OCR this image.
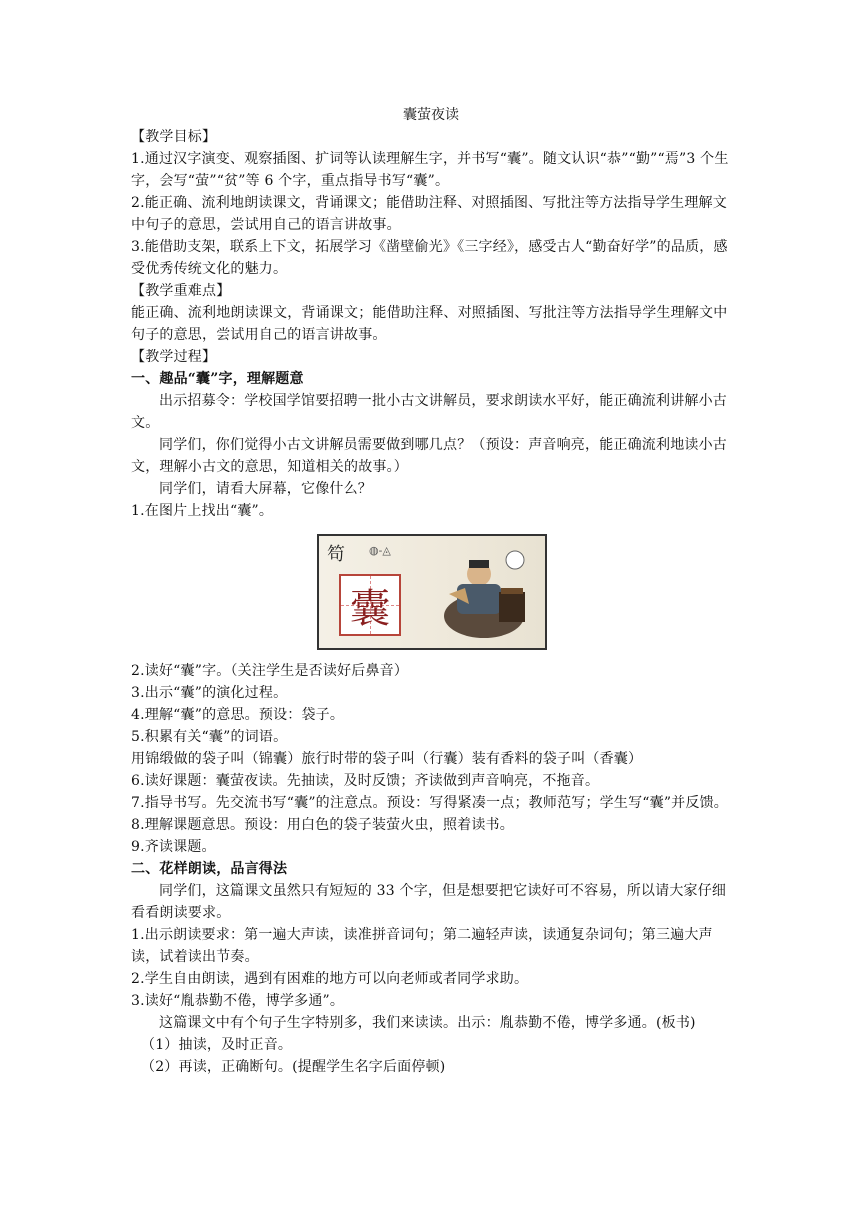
囊萤夜读
【教学目标】
1.通过汉字演变、观察插图、扩词等认读理解生字，并书写“囊”。随文认识“恭”“勤”“焉”3 个生字，会写“萤”“贫”等 6 个字，重点指导书写“囊”。
2.能正确、流利地朗读课文，背诵课文；能借助注释、对照插图、写批注等方法指导学生理解文中句子的意思，尝试用自己的语言讲故事。
3.能借助支架，联系上下文，拓展学习《凿壁偷光》《三字经》，感受古人“勤奋好学”的品质，感受优秀传统文化的魅力。
【教学重难点】
能正确、流利地朗读课文，背诵课文；能借助注释、对照插图、写批注等方法指导学生理解文中句子的意思，尝试用自己的语言讲故事。
【教学过程】
一、趣品“囊”字，理解题意
出示招募令：学校国学馆要招聘一批小古文讲解员，要求朗读水平好，能正确流利讲解小古文。
同学们，你们觉得小古文讲解员需要做到哪几点？（预设：声音响亮，能正确流利地读小古文，理解小古文的意思，知道相关的故事。）
同学们，请看大屏幕，它像什么？
1.在图片上找出“囊”。
笱 ◍-◬
囊
2.读好“囊”字。（关注学生是否读好后鼻音）
3.出示“囊”的演化过程。
4.理解“囊”的意思。预设：袋子。
5.积累有关“囊”的词语。
用锦缎做的袋子叫（锦囊）旅行时带的袋子叫（行囊）装有香料的袋子叫（香囊）
6.读好课题：囊萤夜读。先抽读，及时反馈；齐读做到声音响亮，不拖音。
7.指导书写。先交流书写“囊”的注意点。预设：写得紧凑一点；教师范写；学生写“囊”并反馈。
8.理解课题意思。预设：用白色的袋子装萤火虫，照着读书。
9.齐读课题。
二、花样朗读，品言得法
同学们，这篇课文虽然只有短短的 33 个字，但是想要把它读好可不容易，所以请大家仔细看看朗读要求。
1.出示朗读要求：第一遍大声读，读准拼音词句；第二遍轻声读，读通复杂词句；第三遍大声读，试着读出节奏。
2.学生自由朗读，遇到有困难的地方可以向老师或者同学求助。
3.读好“胤恭勤不倦，博学多通”。
这篇课文中有个句子生字特别多，我们来读读。出示：胤恭勤不倦，博学多通。(板书)
（1）抽读，及时正音。
（2）再读，正确断句。(提醒学生名字后面停顿)
